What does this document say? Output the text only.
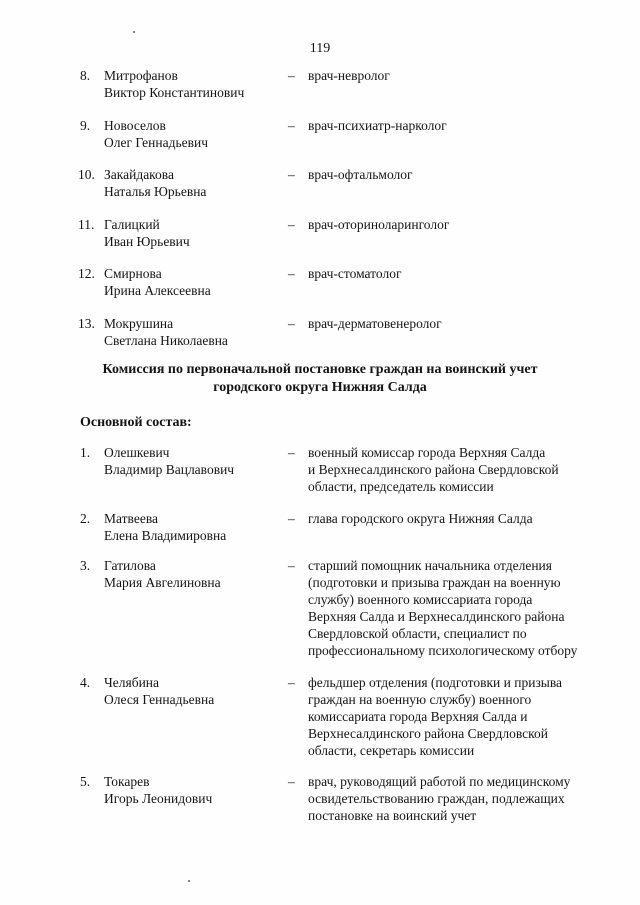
119
8. Митрофанов
Виктор Константинович
– врач-невролог
9. Новоселов
Олег Геннадьевич
– врач-психиатр-нарколог
10. Закайдакова
Наталья Юрьевна
– врач-офтальмолог
11. Галицкий
Иван Юрьевич
– врач-оториноларинголог
12. Смирнова
Ирина Алексеевна
– врач-стоматолог
13. Мокрушина
Светлана Николаевна
– врач-дерматовенеролог
Комиссия по первоначальной постановке граждан на воинский учет
городского округа Нижняя Салда
Основной состав:
1. Олешкевич
Владимир Вацлавович
– военный комиссар города Верхняя Салда
и Верхнесалдинского района Свердловской
области, председатель комиссии
2. Матвеева
Елена Владимировна
– глава городского округа Нижняя Салда
3. Гатилова
Мария Авгелиновна
– старший помощник начальника отделения
(подготовки и призыва граждан на военную
службу) военного комиссариата города
Верхняя Салда и Верхнесалдинского района
Свердловской области, специалист по
профессиональному психологическому отбору
4. Челябина
Олеся Геннадьевна
– фельдшер отделения (подготовки и призыва
граждан на военную службу) военного
комиссариата города Верхняя Салда и
Верхнесалдинского района Свердловской
области, секретарь комиссии
5. Токарев
Игорь Леонидович
– врач, руководящий работой по медицинскому
освидетельствованию граждан, подлежащих
постановке на воинский учет
